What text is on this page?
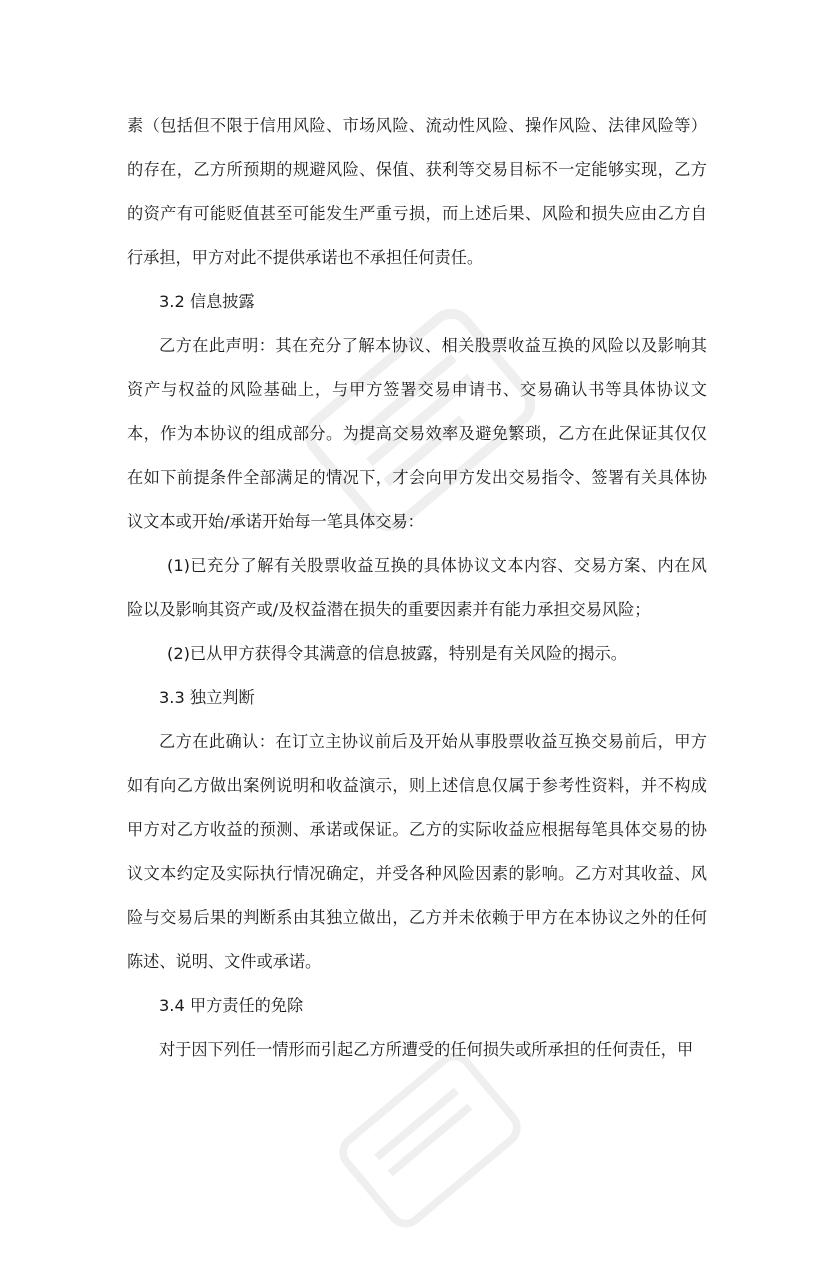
素（包括但不限于信用风险、市场风险、流动性风险、操作风险、法律风险等）的存在，乙方所预期的规避风险、保值、获利等交易目标不一定能够实现，乙方的资产有可能贬值甚至可能发生严重亏损，而上述后果、风险和损失应由乙方自行承担，甲方对此不提供承诺也不承担任何责任。

3.2 信息披露

乙方在此声明：其在充分了解本协议、相关股票收益互换的风险以及影响其资产与权益的风险基础上，与甲方签署交易申请书、交易确认书等具体协议文本，作为本协议的组成部分。为提高交易效率及避免繁琐，乙方在此保证其仅仅在如下前提条件全部满足的情况下，才会向甲方发出交易指令、签署有关具体协议文本或开始/承诺开始每一笔具体交易：

(1)已充分了解有关股票收益互换的具体协议文本内容、交易方案、内在风险以及影响其资产或/及权益潜在损失的重要因素并有能力承担交易风险；

(2)已从甲方获得令其满意的信息披露，特别是有关风险的揭示。

3.3 独立判断

乙方在此确认：在订立主协议前后及开始从事股票收益互换交易前后，甲方如有向乙方做出案例说明和收益演示，则上述信息仅属于参考性资料，并不构成甲方对乙方收益的预测、承诺或保证。乙方的实际收益应根据每笔具体交易的协议文本约定及实际执行情况确定，并受各种风险因素的影响。乙方对其收益、风险与交易后果的判断系由其独立做出，乙方并未依赖于甲方在本协议之外的任何陈述、说明、文件或承诺。

3.4 甲方责任的免除

对于因下列任一情形而引起乙方所遭受的任何损失或所承担的任何责任，甲
